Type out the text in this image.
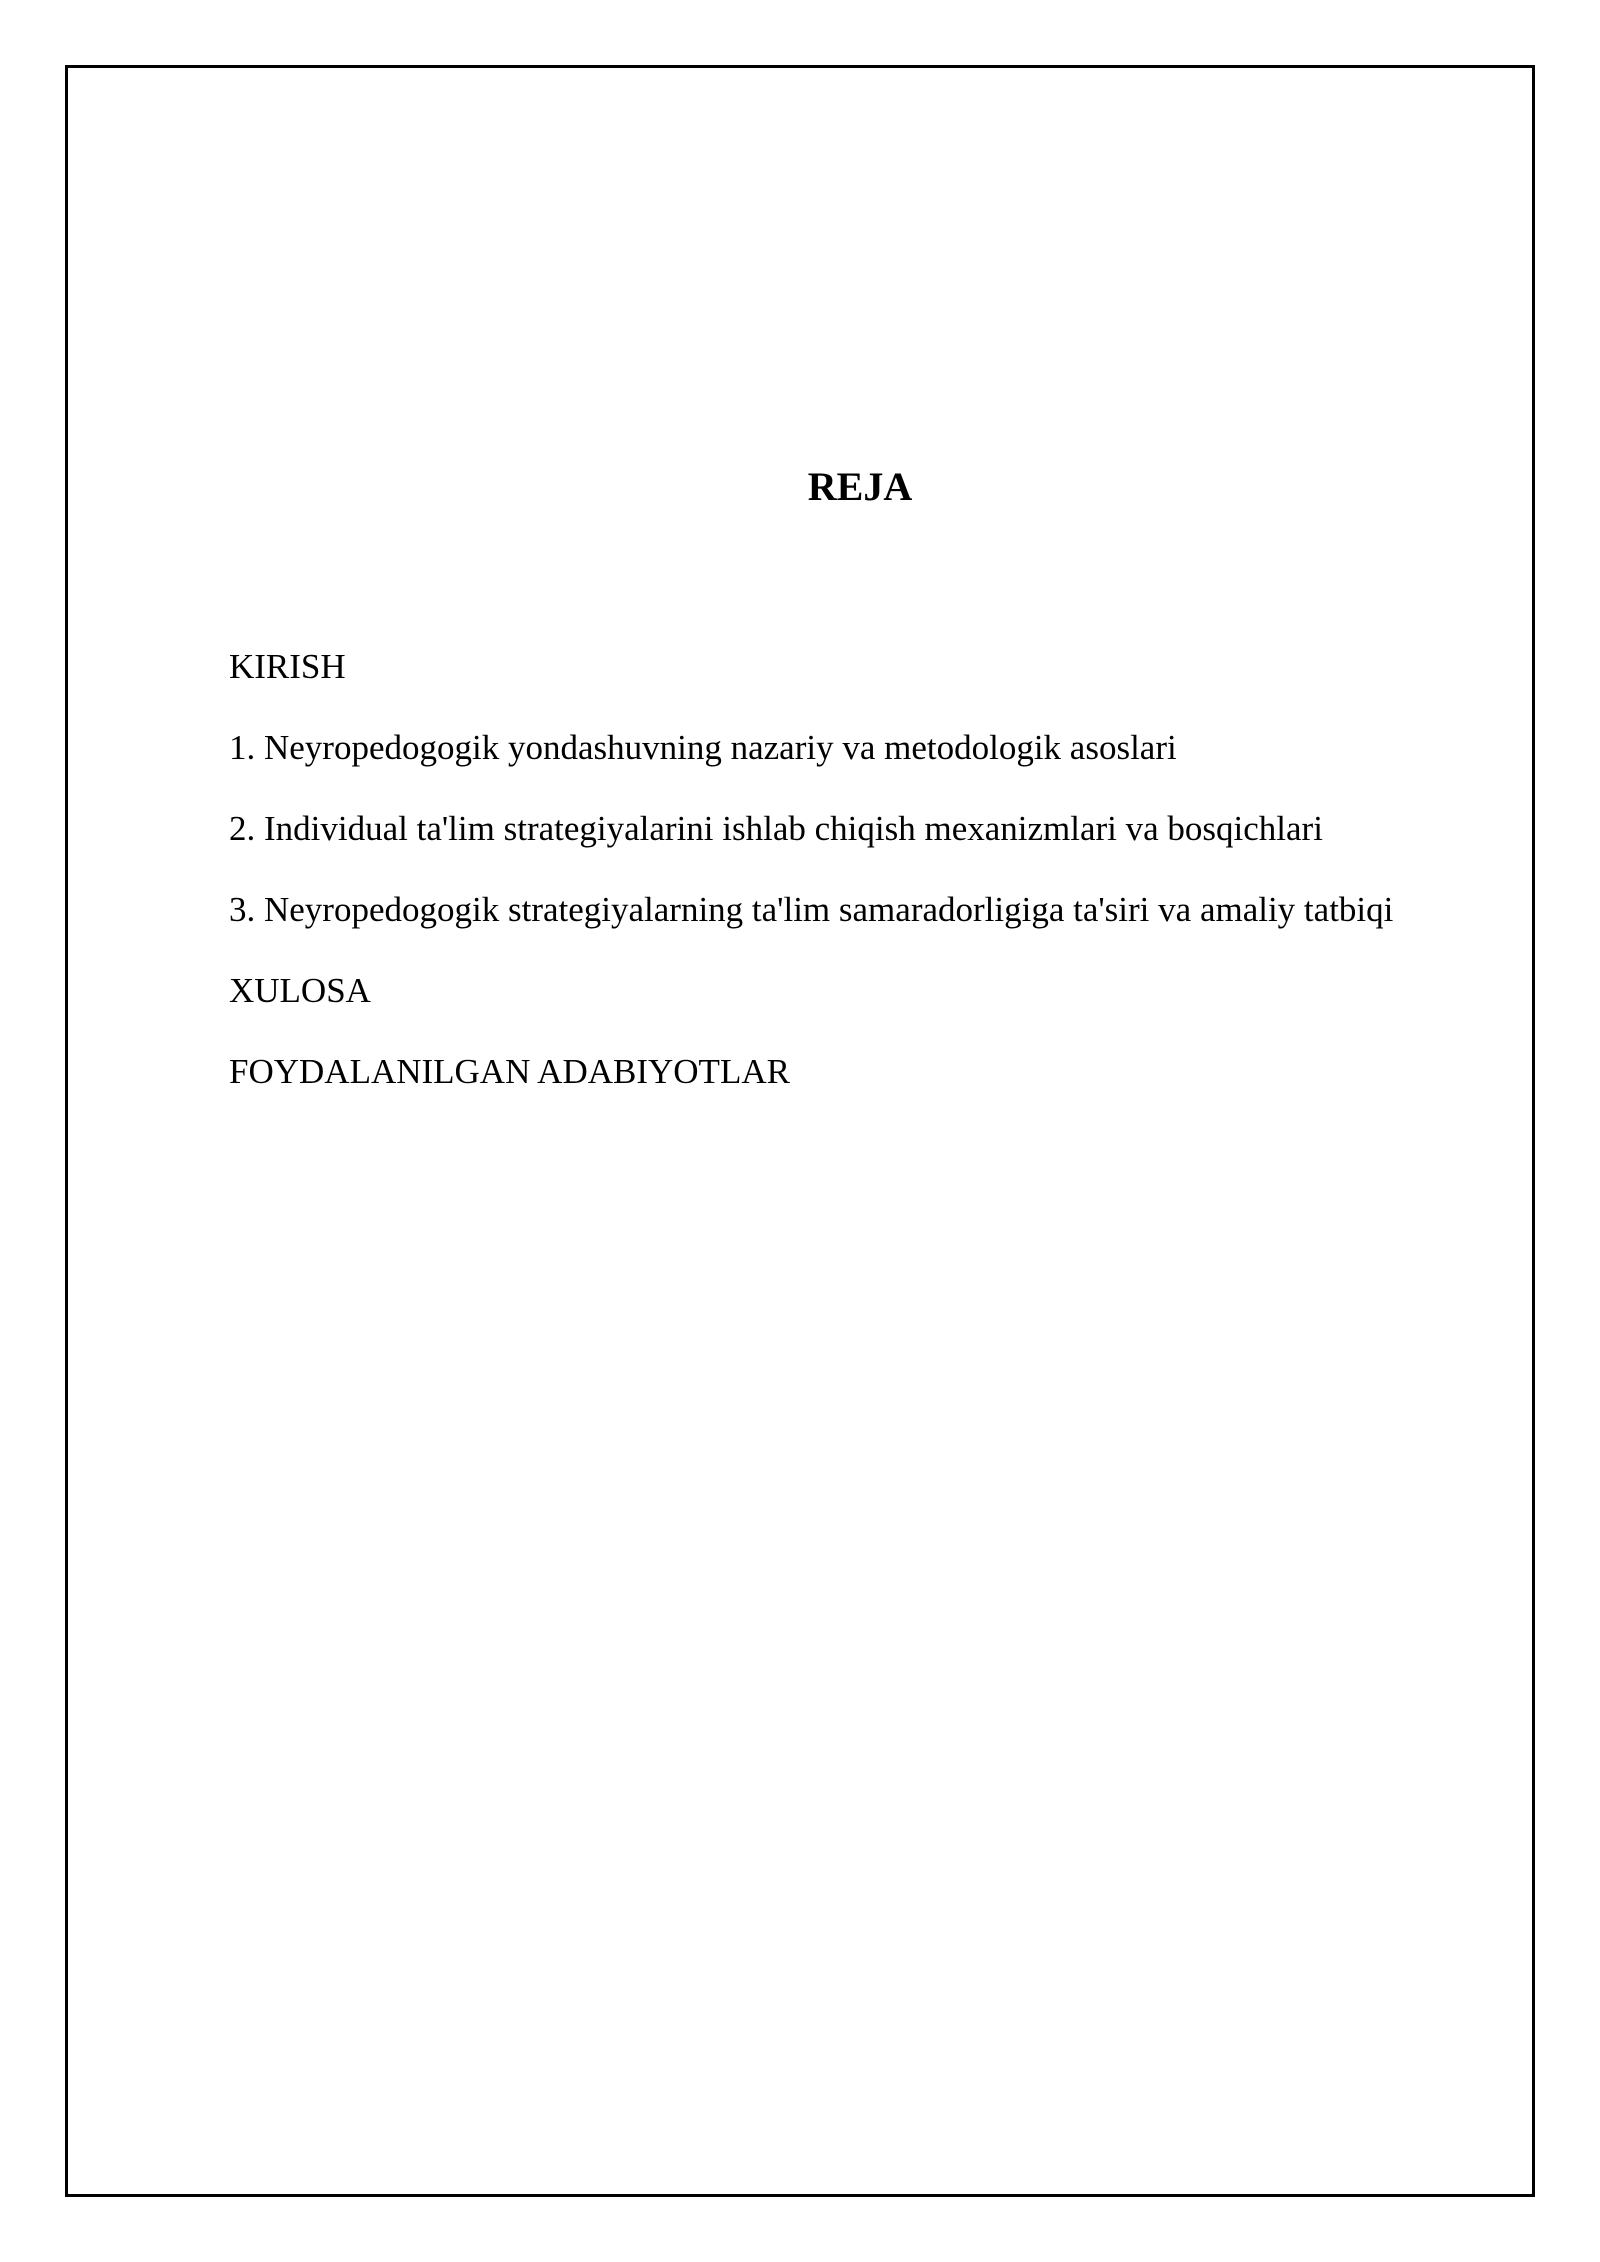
REJA
KIRISH
1. Neyropedogogik yondashuvning nazariy va metodologik asoslari
2. Individual ta'lim strategiyalarini ishlab chiqish mexanizmlari va bosqichlari
3. Neyropedogogik strategiyalarning ta'lim samaradorligiga ta'siri va amaliy tatbiqi
XULOSA
FOYDALANILGAN ADABIYOTLAR
